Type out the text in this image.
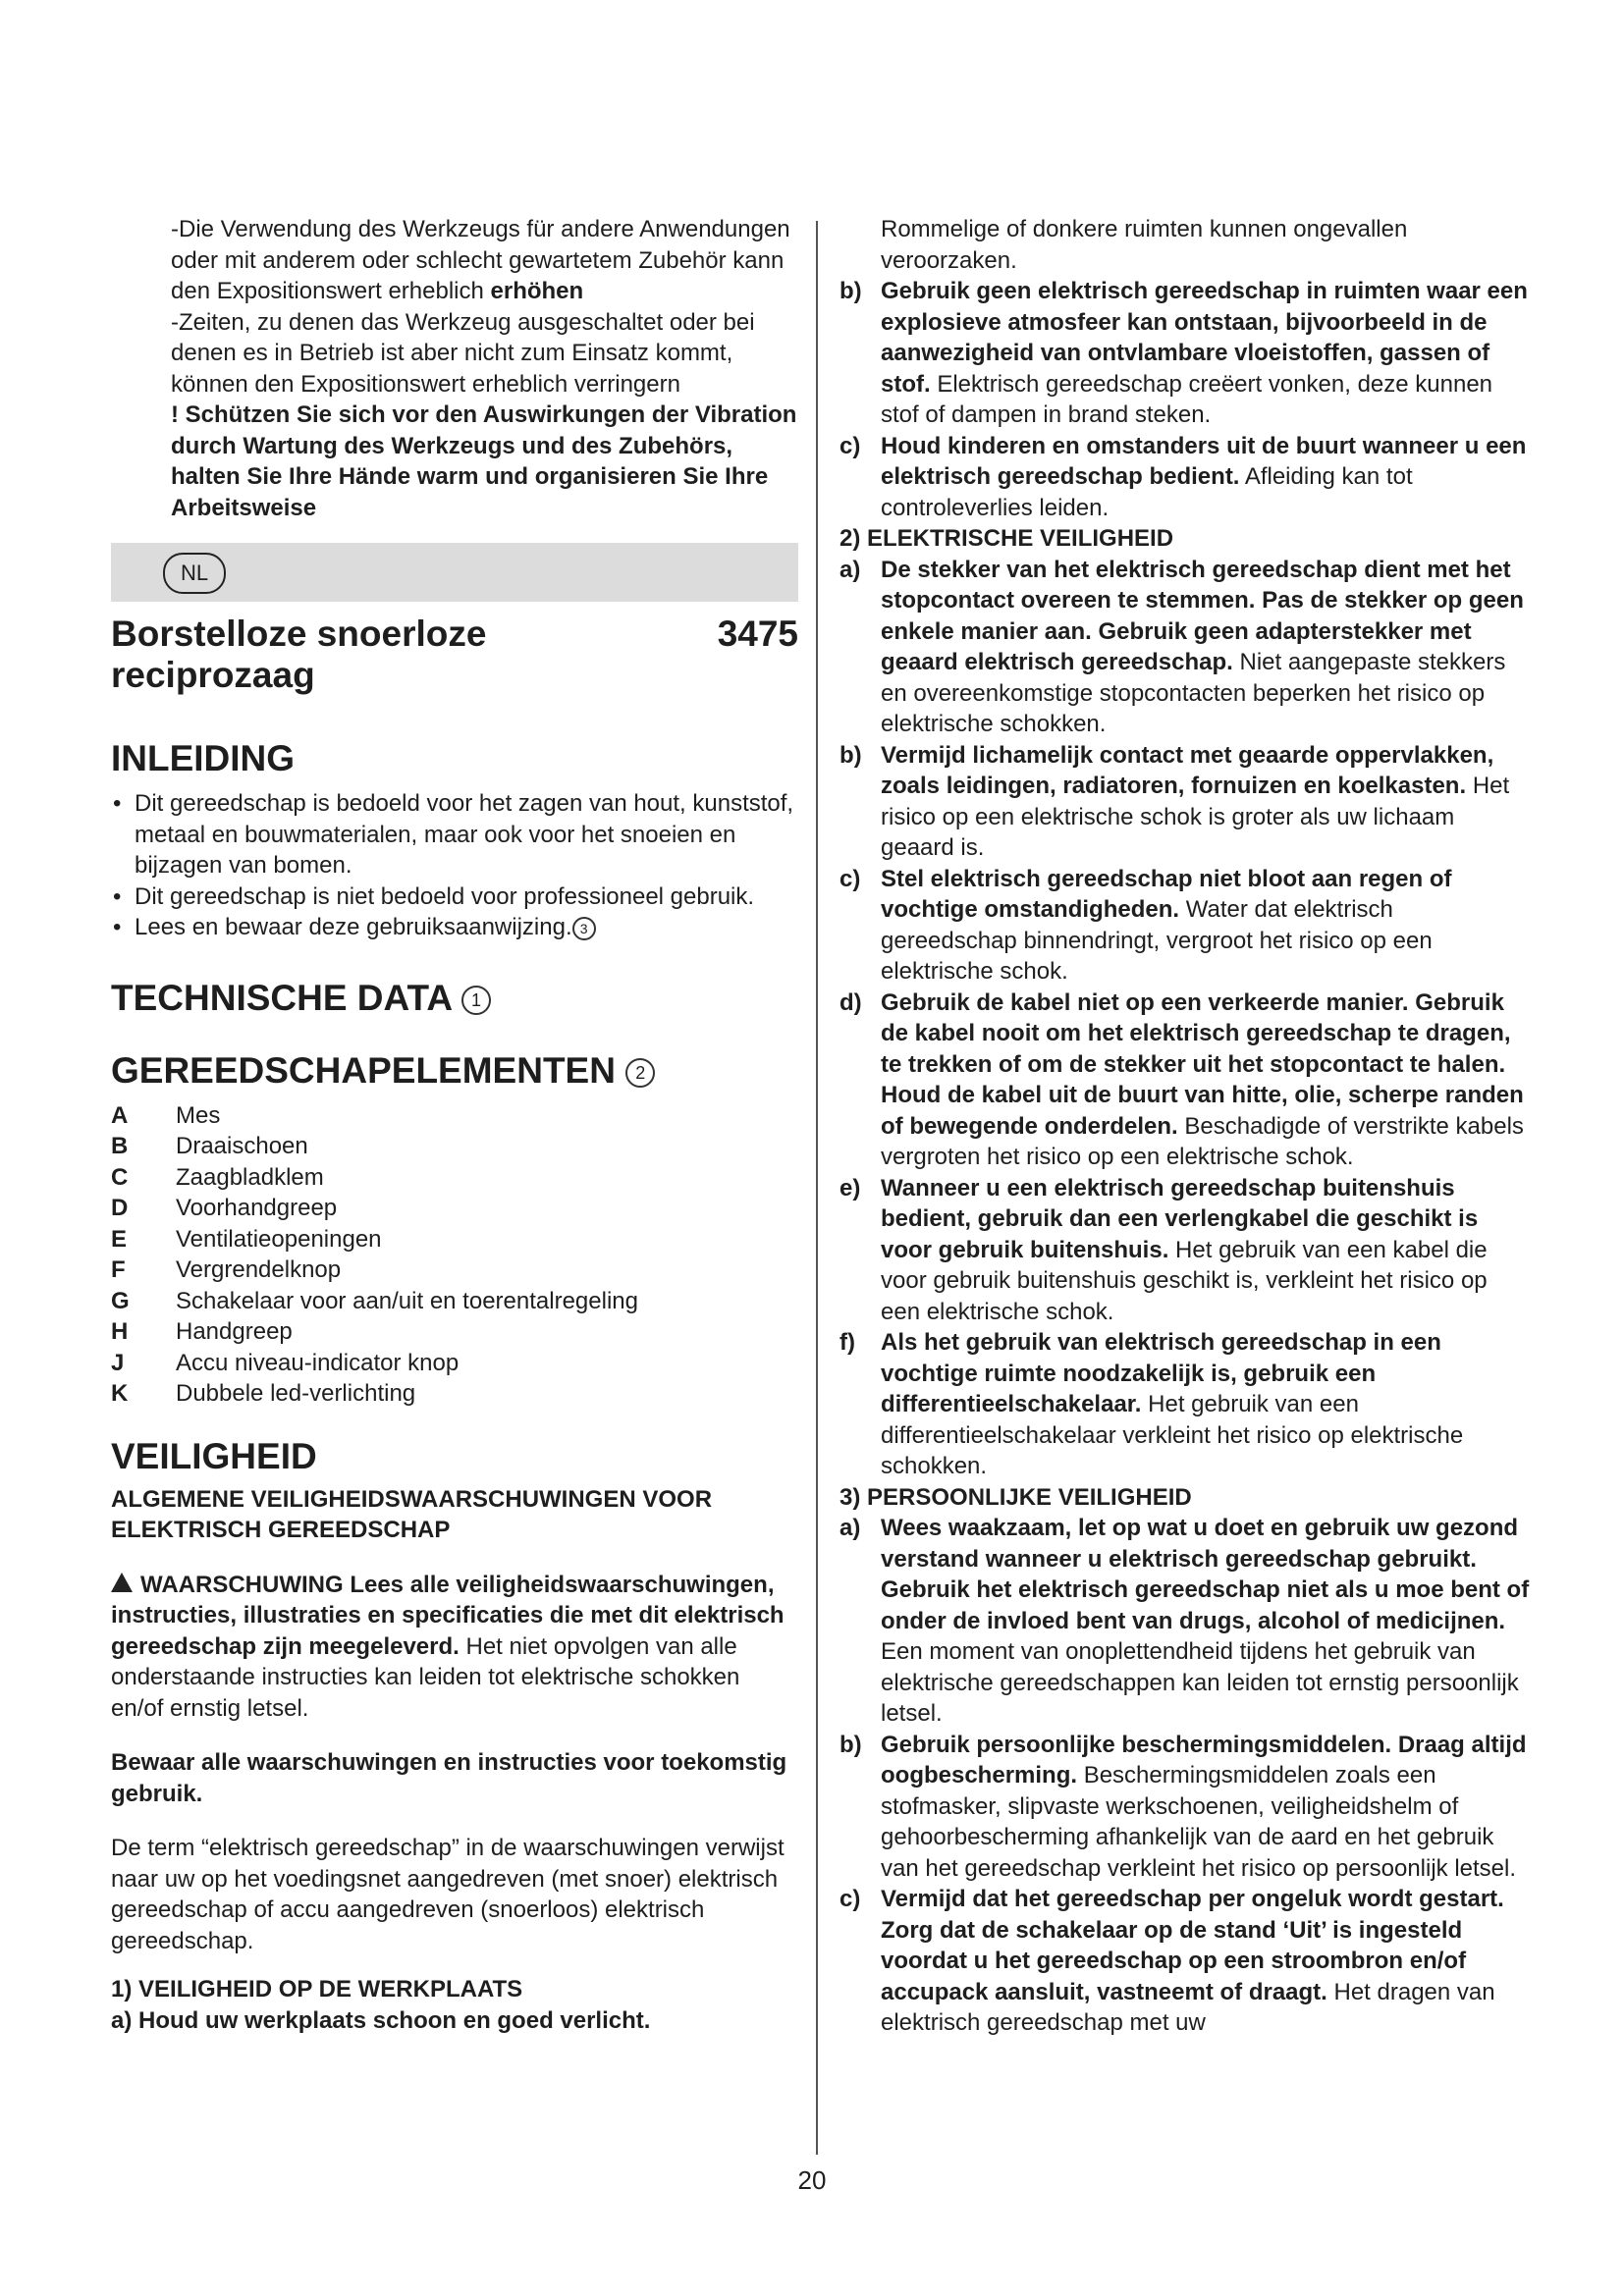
-Die Verwendung des Werkzeugs für andere Anwendungen oder mit anderem oder schlecht gewartetem Zubehör kann den Expositionswert erheblich erhöhen

-Zeiten, zu denen das Werkzeug ausgeschaltet oder bei denen es in Betrieb ist aber nicht zum Einsatz kommt, können den Expositionswert erheblich verringern

! Schützen Sie sich vor den Auswirkungen der Vibration durch Wartung des Werkzeugs und des Zubehörs, halten Sie Ihre Hände warm und organisieren Sie Ihre Arbeitsweise

NL
Borstelloze snoerloze reciprozaag
3475
INLEIDING
• Dit gereedschap is bedoeld voor het zagen van hout, kunststof, metaal en bouwmaterialen, maar ook voor het snoeien en bijzagen van bomen.
• Dit gereedschap is niet bedoeld voor professioneel gebruik.
• Lees en bewaar deze gebruiksaanwijzing. 3
TECHNISCHE DATA 1
GEREEDSCHAPELEMENTEN 2
A	Mes
B	Draaischoen
C	Zaagbladklem
D	Voorhandgreep
E	Ventilatieopeningen
F	Vergrendelknop
G	Schakelaar voor aan/uit en toerentalregeling
H	Handgreep
J	Accu niveau-indicator knop
K	Dubbele led-verlichting
VEILIGHEID

ALGEMENE VEILIGHEIDSWAARSCHUWINGEN VOOR ELEKTRISCH GEREEDSCHAP

WAARSCHUWING Lees alle veiligheidswaarschuwingen, instructies, illustraties en specificaties die met dit elektrisch gereedschap zijn meegeleverd. Het niet opvolgen van alle onderstaande instructies kan leiden tot elektrische schokken en/of ernstig letsel.

Bewaar alle waarschuwingen en instructies voor toekomstig gebruik.

De term “elektrisch gereedschap” in de waarschuwingen verwijst naar uw op het voedingsnet aangedreven (met snoer) elektrisch gereedschap of accu aangedreven (snoerloos) elektrisch gereedschap.

1) VEILIGHEID OP DE WERKPLAATS

a) Houd uw werkplaats schoon en goed verlicht.

Rommelige of donkere ruimten kunnen ongevallen veroorzaken.

b) Gebruik geen elektrisch gereedschap in ruimten waar een explosieve atmosfeer kan ontstaan, bijvoorbeeld in de aanwezigheid van ontvlambare vloeistoffen, gassen of stof. Elektrisch gereedschap creëert vonken, deze kunnen stof of dampen in brand steken.
c) Houd kinderen en omstanders uit de buurt wanneer u een elektrisch gereedschap bedient. Afleiding kan tot controleverlies leiden.

2) ELEKTRISCHE VEILIGHEID

a) De stekker van het elektrisch gereedschap dient met het stopcontact overeen te stemmen. Pas de stekker op geen enkele manier aan. Gebruik geen adapterstekker met geaard elektrisch gereedschap. Niet aangepaste stekkers en overeenkomstige stopcontacten beperken het risico op elektrische schokken.
b) Vermijd lichamelijk contact met geaarde oppervlakken, zoals leidingen, radiatoren, fornuizen en koelkasten. Het risico op een elektrische schok is groter als uw lichaam geaard is.
c) Stel elektrisch gereedschap niet bloot aan regen of vochtige omstandigheden. Water dat elektrisch gereedschap binnendringt, vergroot het risico op een elektrische schok.
d) Gebruik de kabel niet op een verkeerde manier. Gebruik de kabel nooit om het elektrisch gereedschap te dragen, te trekken of om de stekker uit het stopcontact te halen. Houd de kabel uit de buurt van hitte, olie, scherpe randen of bewegende onderdelen. Beschadigde of verstrikte kabels vergroten het risico op een elektrische schok.
e) Wanneer u een elektrisch gereedschap buitenshuis bedient, gebruik dan een verlengkabel die geschikt is voor gebruik buitenshuis. Het gebruik van een kabel die voor gebruik buitenshuis geschikt is, verkleint het risico op een elektrische schok.
f) Als het gebruik van elektrisch gereedschap in een vochtige ruimte noodzakelijk is, gebruik een differentieelschakelaar. Het gebruik van een differentieelschakelaar verkleint het risico op elektrische schokken.

3) PERSOONLIJKE VEILIGHEID

a) Wees waakzaam, let op wat u doet en gebruik uw gezond verstand wanneer u elektrisch gereedschap gebruikt. Gebruik het elektrisch gereedschap niet als u moe bent of onder de invloed bent van drugs, alcohol of medicijnen. Een moment van onoplettendheid tijdens het gebruik van elektrische gereedschappen kan leiden tot ernstig persoonlijk letsel.
b) Gebruik persoonlijke beschermingsmiddelen. Draag altijd oogbescherming. Beschermingsmiddelen zoals een stofmasker, slipvaste werkschoenen, veiligheidshelm of gehoorbescherming afhankelijk van de aard en het gebruik van het gereedschap verkleint het risico op persoonlijk letsel.
c) Vermijd dat het gereedschap per ongeluk wordt gestart. Zorg dat de schakelaar op de stand ‘Uit’ is ingesteld voordat u het gereedschap op een stroombron en/of accupack aansluit, vastneemt of draagt. Het dragen van elektrisch gereedschap met uw
20
